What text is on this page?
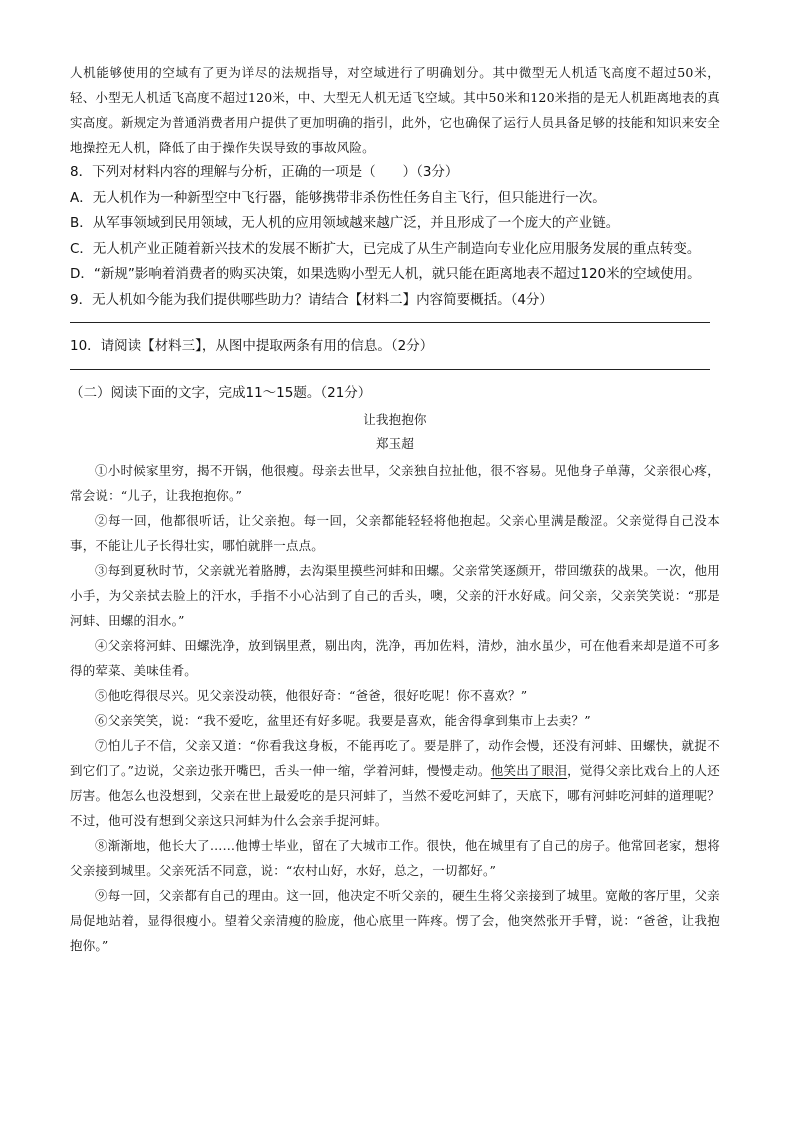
人机能够使用的空域有了更为详尽的法规指导，对空域进行了明确划分。其中微型无人机适飞高度不超过50米，轻、小型无人机适飞高度不超过120米，中、大型无人机无适飞空域。其中50米和120米指的是无人机距离地表的真实高度。新规定为普通消费者用户提供了更加明确的指引，此外，它也确保了运行人员具备足够的技能和知识来安全地操控无人机，降低了由于操作失误导致的事故风险。

8．下列对材料内容的理解与分析，正确的一项是（　　）（3分）

A．无人机作为一种新型空中飞行器，能够携带非杀伤性任务自主飞行，但只能进行一次。

B．从军事领域到民用领域，无人机的应用领域越来越广泛，并且形成了一个庞大的产业链。

C．无人机产业正随着新兴技术的发展不断扩大，已完成了从生产制造向专业化应用服务发展的重点转变。

D．“新规”影响着消费者的购买决策，如果选购小型无人机，就只能在距离地表不超过120米的空域使用。

9．无人机如今能为我们提供哪些助力？请结合【材料二】内容简要概括。（4分）

10．请阅读【材料三】，从图中提取两条有用的信息。（2分）

（二）阅读下面的文字，完成11～15题。（21分）

让我抱抱你

郑玉超

①小时候家里穷，揭不开锅，他很瘦。母亲去世早，父亲独自拉扯他，很不容易。见他身子单薄，父亲很心疼，常会说：“儿子，让我抱抱你。”

②每一回，他都很听话，让父亲抱。每一回，父亲都能轻轻将他抱起。父亲心里满是酸涩。父亲觉得自己没本事，不能让儿子长得壮实，哪怕就胖一点点。

③每到夏秋时节，父亲就光着胳膊，去沟渠里摸些河蚌和田螺。父亲常笑逐颜开，带回缴获的战果。一次，他用小手，为父亲拭去脸上的汗水，手指不小心沾到了自己的舌头，噢，父亲的汗水好咸。问父亲，父亲笑笑说：“那是河蚌、田螺的泪水。”

④父亲将河蚌、田螺洗净，放到锅里煮，剔出肉，洗净，再加佐料，清炒，油水虽少，可在他看来却是道不可多得的荤菜、美味佳肴。

⑤他吃得很尽兴。见父亲没动筷，他很好奇：“爸爸，很好吃呢！你不喜欢？”

⑥父亲笑笑，说：“我不爱吃，盆里还有好多呢。我要是喜欢，能舍得拿到集市上去卖？”

⑦怕儿子不信，父亲又道：“你看我这身板，不能再吃了。要是胖了，动作会慢，还没有河蚌、田螺快，就捉不到它们了。”边说，父亲边张开嘴巴，舌头一伸一缩，学着河蚌，慢慢走动。他笑出了眼泪，觉得父亲比戏台上的人还厉害。他怎么也没想到，父亲在世上最爱吃的是只河蚌了，当然不爱吃河蚌了，天底下，哪有河蚌吃河蚌的道理呢？不过，他可没有想到父亲这只河蚌为什么会亲手捉河蚌。

⑧渐渐地，他长大了……他博士毕业，留在了大城市工作。很快，他在城里有了自己的房子。他常回老家，想将父亲接到城里。父亲死活不同意，说：“农村山好，水好，总之，一切都好。”

⑨每一回，父亲都有自己的理由。这一回，他决定不听父亲的，硬生生将父亲接到了城里。宽敞的客厅里，父亲局促地站着，显得很瘦小。望着父亲清瘦的脸庞，他心底里一阵疼。愣了会，他突然张开手臂，说：“爸爸，让我抱抱你。”
